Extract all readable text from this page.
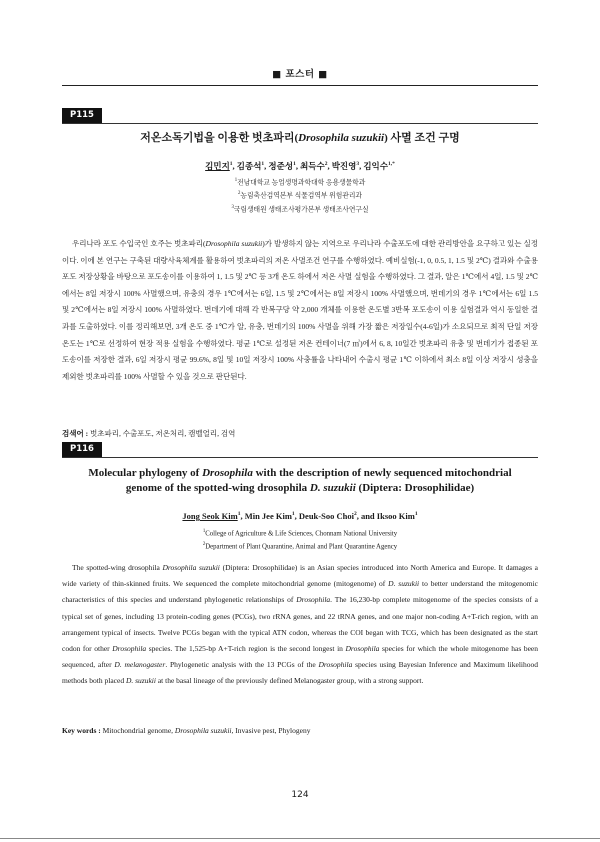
■ 포스터 ■
P115
저온소독기법을 이용한 벗초파리(Drosophila suzukii) 사멸 조건 구명
김민지$^1$, 김종석$^1$, 정준성$^1$, 최득수$^2$, 박진영$^3$, 김익수$^{1,*}$
$^1$전남대학교 농업생명과학대학 응용생물학과
$^2$농림축산검역본부 식물검역부 위험관리과
$^3$국립생태원 생태조사평가본부 생태조사연구실

우리나라 포도 수입국인 호주는 벗초파리(Drosophila suzukii)가 발생하지 않는 지역으로 우리나라 수출포도에 대한 관리방안을 요구하고 있는 실정이다. 이에 본 연구는 구축된 대량사육체계를 활용하여 벗초파리의 저온 사멸조건 연구를 수행하였다. 예비실험(-1, 0, 0.5, 1, 1.5 및 2℃) 결과와 수출용 포도 저장상황을 바탕으로 포도송이를 이용하여 1, 1.5 및 2℃ 등 3개 온도 하에서 저온 사멸 실험을 수행하였다. 그 결과, 알은 1℃에서 4일, 1.5 및 2℃에서는 8일 저장시 100% 사멸했으며, 유충의 경우 1℃에서는 6일, 1.5 및 2℃에서는 8일 저장시 100% 사멸했으며, 번데기의 경우 1℃에서는 6일 1.5 및 2℃에서는 8일 저장시 100% 사멸하였다. 번데기에 대해 각 반복구당 약 2,000 개체를 이용한 온도별 3반복 포도송이 이용 실험결과 역시 동일한 결과를 도출하였다. 이를 정리해보면, 3개 온도 중 1℃가 알, 유충, 번데기의 100% 사멸을 위해 가장 짧은 저장일수(4-6일)가 소요되므로 최적 단일 저장 온도는 1℃로 선정하여 현장 적용 실험을 수행하였다. 평균 1℃로 설정된 저온 컨테이너(7 ㎥)에서 6, 8, 10일간 벗초파리 유충 및 번데기가 접종된 포도송이를 저장한 결과, 6일 저장시 평균 99.6%, 8일 및 10일 저장시 100% 사충률을 나타내어 수출시 평균 1℃ 이하에서 최소 8일 이상 저장시 성충을 제외한 벗초파리를 100% 사멸할 수 있을 것으로 판단된다.

검색어 : 벗초파리, 수출포도, 저온처리, 캠벨얼리, 검역
P116
Molecular phylogeny of Drosophila with the description of newly sequenced mitochondrial
genome of the spotted-wing drosophila D. suzukii (Diptera: Drosophilidae)
Jong Seok Kim$^1$, Min Jee Kim$^1$, Deuk-Soo Choi$^2$, and Iksoo Kim$^1$
$^1$College of Agriculture & Life Sciences, Chonnam National University
$^2$Department of Plant Quarantine, Animal and Plant Quarantine Agency

The spotted-wing drosophila Drosophila suzukii (Diptera: Drosophilidae) is an Asian species introduced into North America and Europe. It damages a wide variety of thin-skinned fruits. We sequenced the complete mitochondrial genome (mitogenome) of D. suzukii to better understand the mitogenomic characteristics of this species and understand phylogenetic relationships of Drosophila. The 16,230-bp complete mitogenome of the species consists of a typical set of genes, including 13 protein-coding genes (PCGs), two rRNA genes, and 22 tRNA genes, and one major non-coding A+T-rich region, with an arrangement typical of insects. Twelve PCGs began with the typical ATN codon, whereas the COI began with TCG, which has been designated as the start codon for other Drosophila species. The 1,525-bp A+T-rich region is the second longest in Drosophila species for which the whole mitogenome has been sequenced, after D. melanogaster. Phylogenetic analysis with the 13 PCGs of the Drosophila species using Bayesian Inference and Maximum likelihood methods both placed D. suzukii at the basal lineage of the previously defined Melanogaster group, with a strong support.

Key words : Mitochondrial genome, Drosophila suzukii, Invasive pest, Phylogeny
124
